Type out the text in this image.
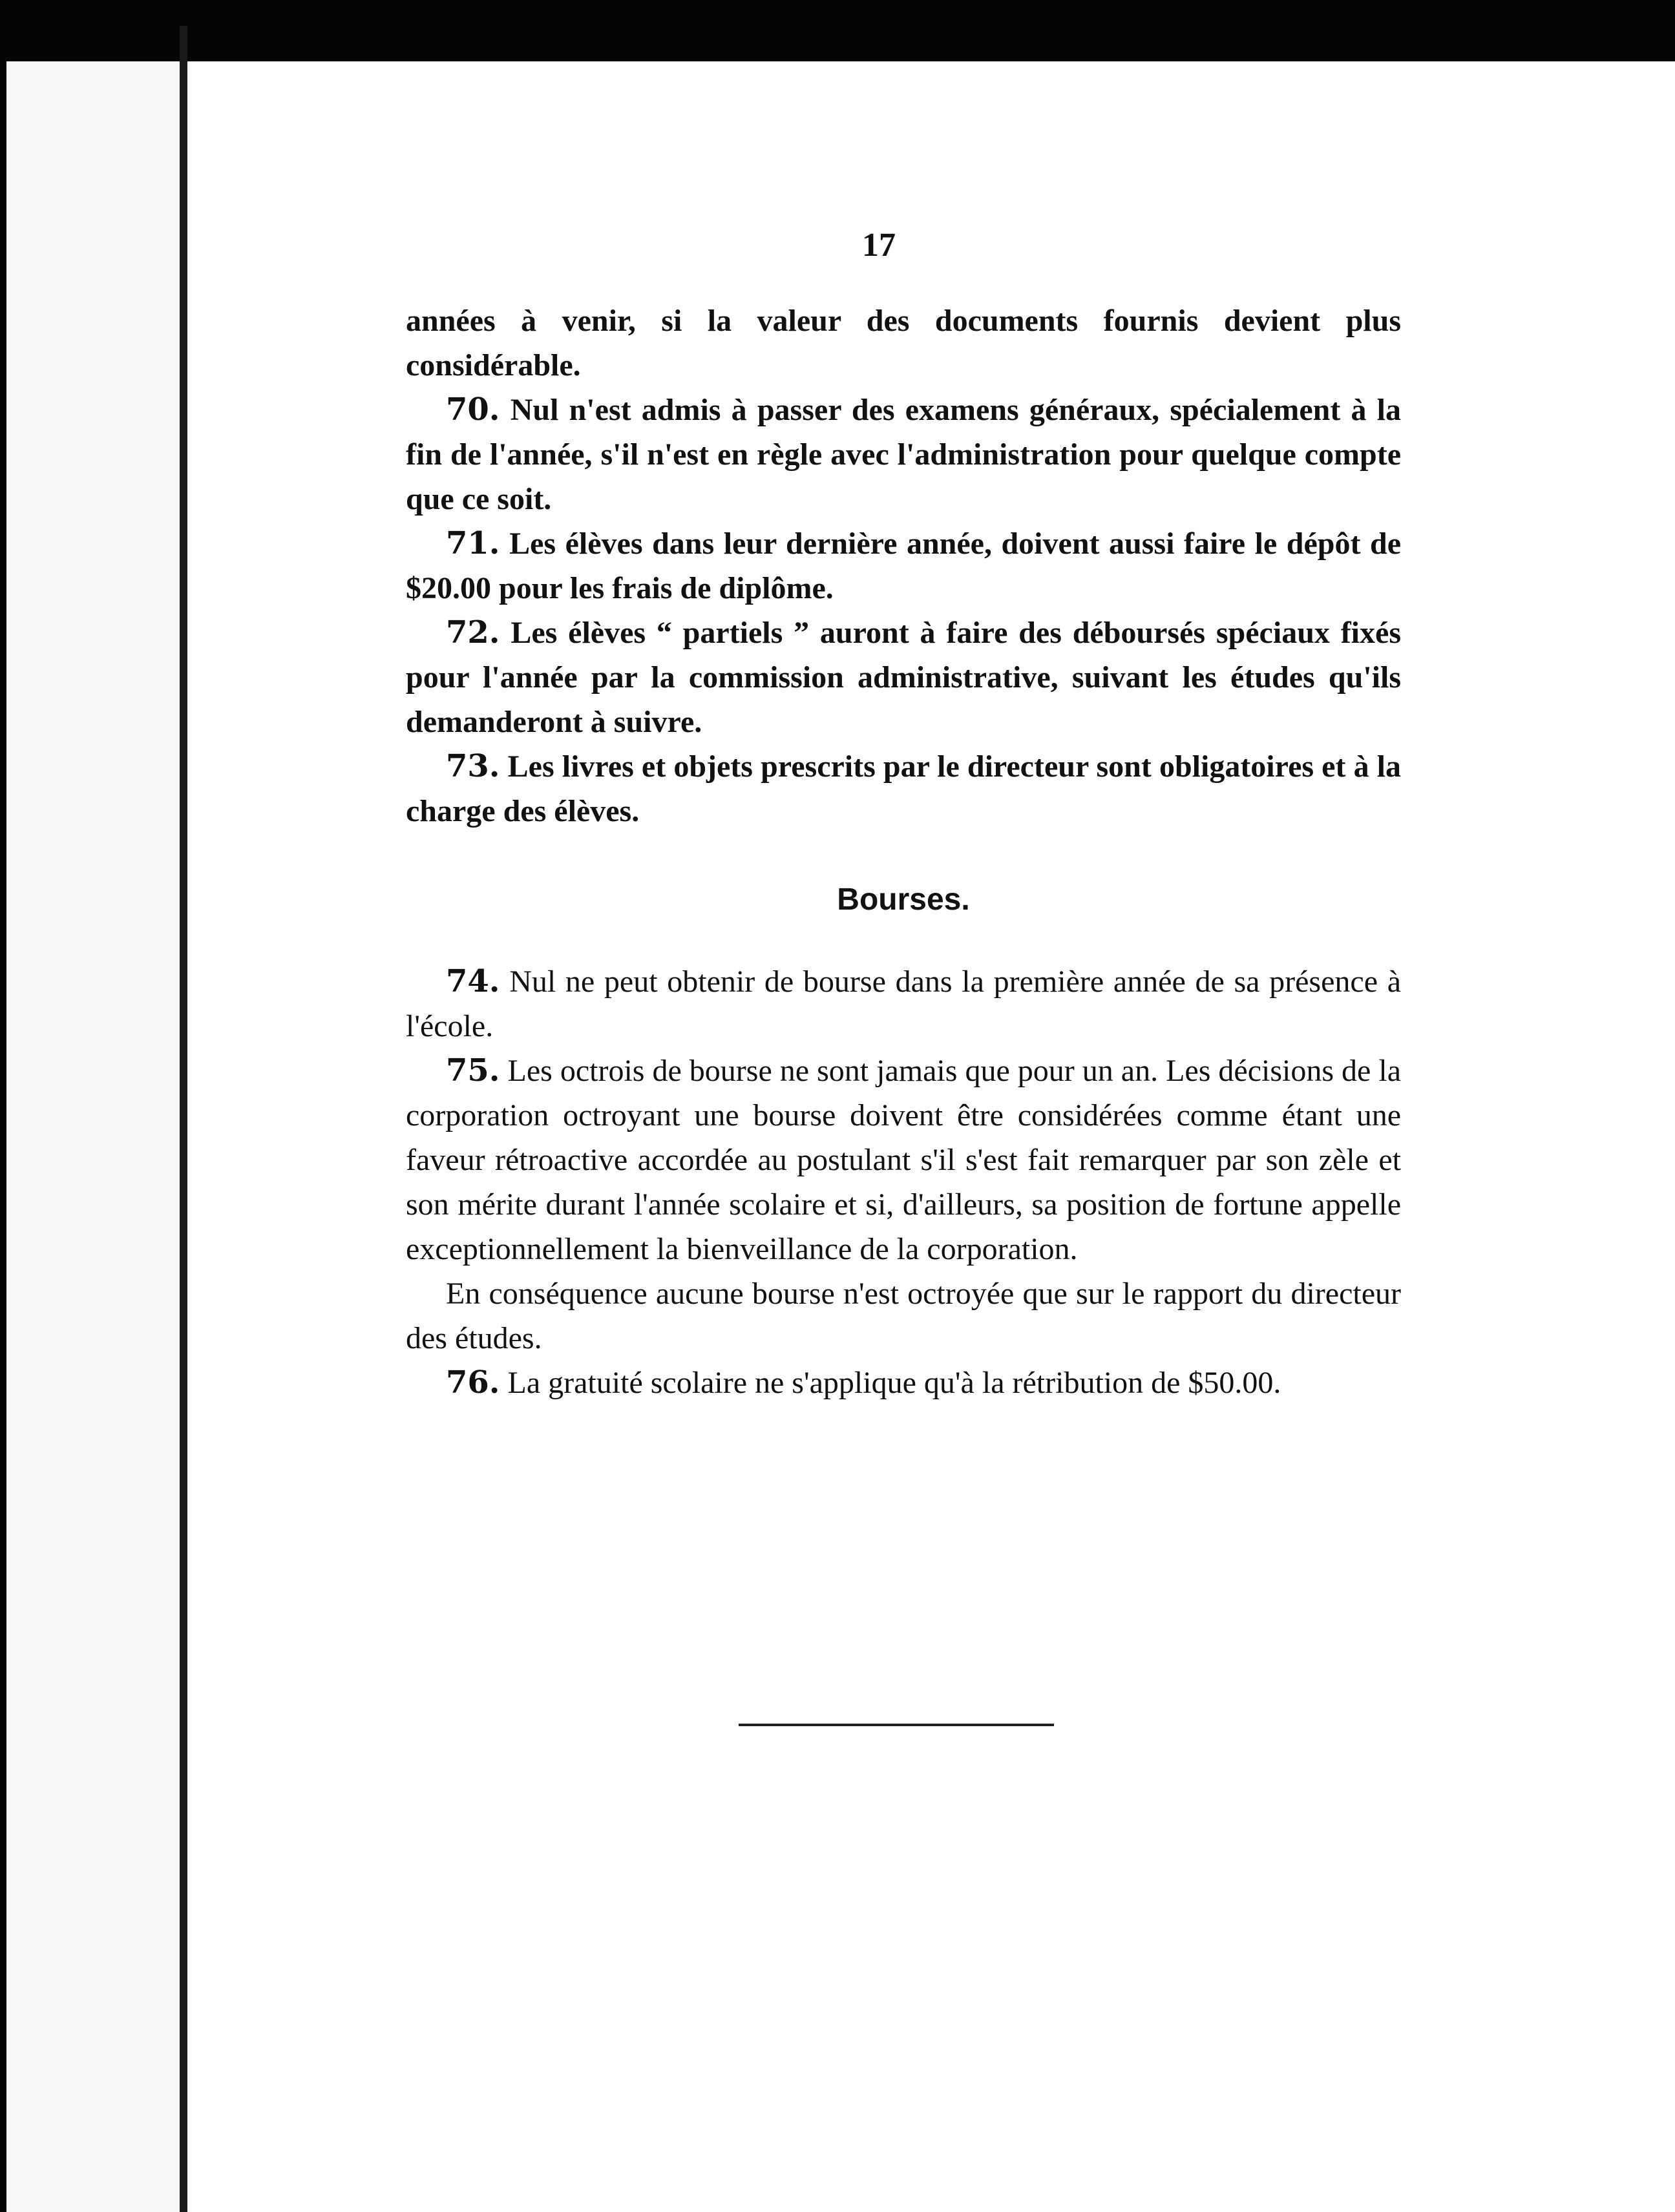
17

années à venir, si la valeur des documents fournis devient plus considérable.

70. Nul n'est admis à passer des examens généraux, spécialement à la fin de l'année, s'il n'est en règle avec l'administration pour quelque compte que ce soit.

71. Les élèves dans leur dernière année, doivent aussi faire le dépôt de $20.00 pour les frais de diplôme.

72. Les élèves “ partiels ” auront à faire des déboursés spéciaux fixés pour l'année par la commission administrative, suivant les études qu'ils demanderont à suivre.

73. Les livres et objets prescrits par le directeur sont obligatoires et à la charge des élèves.

Bourses.

74. Nul ne peut obtenir de bourse dans la première année de sa présence à l'école.

75. Les octrois de bourse ne sont jamais que pour un an. Les décisions de la corporation octroyant une bourse doivent être considérées comme étant une faveur rétroactive accordée au postulant s'il s'est fait remarquer par son zèle et son mérite durant l'année scolaire et si, d'ailleurs, sa position de fortune appelle exceptionnellement la bienveillance de la corporation.

En conséquence aucune bourse n'est octroyée que sur le rapport du directeur des études.

76. La gratuité scolaire ne s'applique qu'à la rétribution de $50.00.
